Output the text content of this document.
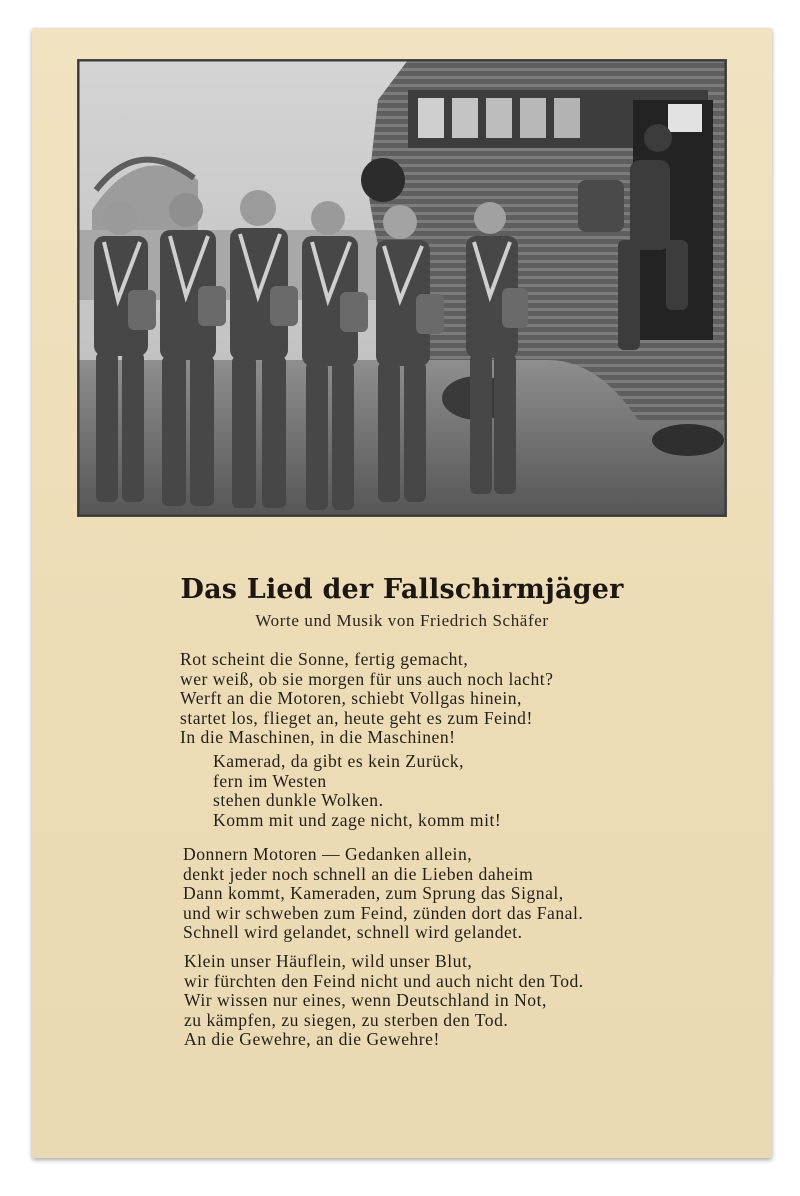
Das Lied der Fallschirmjäger
Worte und Musik von Friedrich Schäfer
Rot scheint die Sonne, fertig gemacht,
wer weiß, ob sie morgen für uns auch noch lacht?
Werft an die Motoren, schiebt Vollgas hinein,
startet los, flieget an, heute geht es zum Feind!
In die Maschinen, in die Maschinen!
Kamerad, da gibt es kein Zurück,
fern im Westen
stehen dunkle Wolken.
Komm mit und zage nicht, komm mit!
Donnern Motoren — Gedanken allein,
denkt jeder noch schnell an die Lieben daheim
Dann kommt, Kameraden, zum Sprung das Signal,
und wir schweben zum Feind, zünden dort das Fanal.
Schnell wird gelandet, schnell wird gelandet.
Klein unser Häuflein, wild unser Blut,
wir fürchten den Feind nicht und auch nicht den Tod.
Wir wissen nur eines, wenn Deutschland in Not,
zu kämpfen, zu siegen, zu sterben den Tod.
An die Gewehre, an die Gewehre!
